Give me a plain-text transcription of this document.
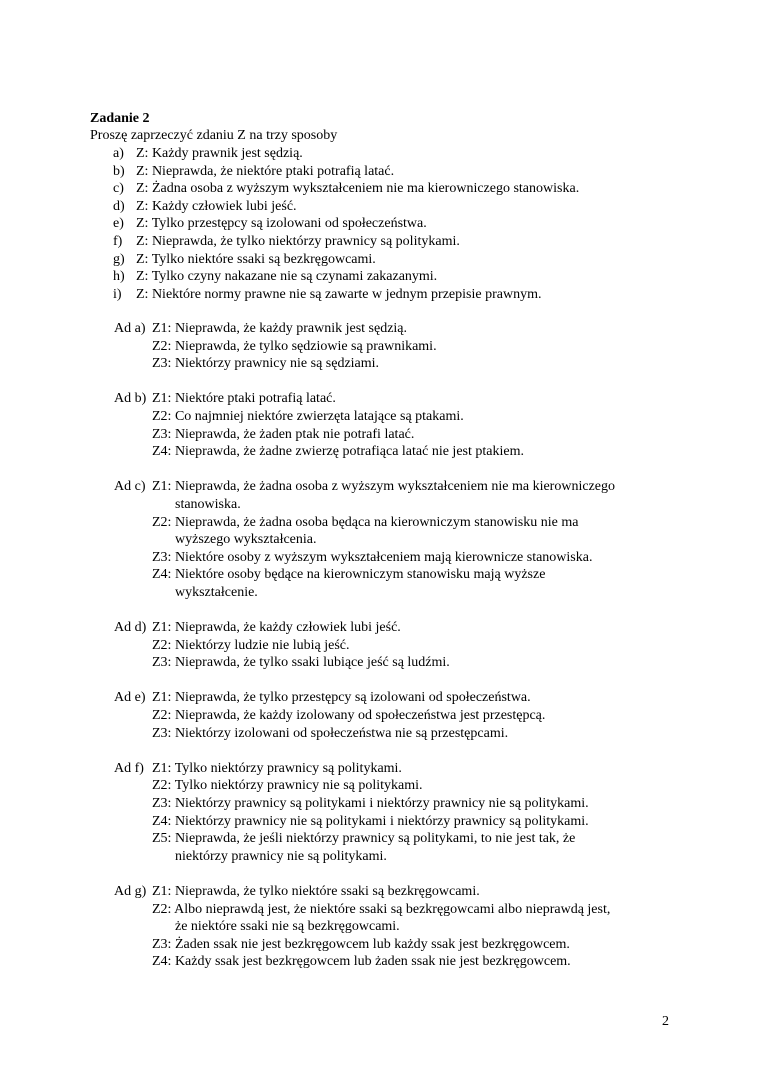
Zadanie 2
Proszę zaprzeczyć zdaniu Z na trzy sposoby
a) Z: Każdy prawnik jest sędzią.
b) Z: Nieprawda, że niektóre ptaki potrafią latać.
c) Z: Żadna osoba z wyższym wykształceniem nie ma kierowniczego stanowiska.
d) Z: Każdy człowiek lubi jeść.
e) Z: Tylko przestępcy są izolowani od społeczeństwa.
f) Z: Nieprawda, że tylko niektórzy prawnicy są politykami.
g) Z: Tylko niektóre ssaki są bezkręgowcami.
h) Z: Tylko czyny nakazane nie są czynami zakazanymi.
i) Z: Niektóre normy prawne nie są zawarte w jednym przepisie prawnym.
Ad a) Z1: Nieprawda, że każdy prawnik jest sędzią.
Z2: Nieprawda, że tylko sędziowie są prawnikami.
Z3: Niektórzy prawnicy nie są sędziami.
Ad b) Z1: Niektóre ptaki potrafią latać.
Z2: Co najmniej niektóre zwierzęta latające są ptakami.
Z3: Nieprawda, że żaden ptak nie potrafi latać.
Z4: Nieprawda, że żadne zwierzę potrafiąca latać nie jest ptakiem.
Ad c) Z1: Nieprawda, że żadna osoba z wyższym wykształceniem nie ma kierowniczego
stanowiska.
Z2: Nieprawda, że żadna osoba będąca na kierowniczym stanowisku nie ma
wyższego wykształcenia.
Z3: Niektóre osoby z wyższym wykształceniem mają kierownicze stanowiska.
Z4: Niektóre osoby będące na kierowniczym stanowisku mają wyższe
wykształcenie.
Ad d) Z1: Nieprawda, że każdy człowiek lubi jeść.
Z2: Niektórzy ludzie nie lubią jeść.
Z3: Nieprawda, że tylko ssaki lubiące jeść są ludźmi.
Ad e) Z1: Nieprawda, że tylko przestępcy są izolowani od społeczeństwa.
Z2: Nieprawda, że każdy izolowany od społeczeństwa jest przestępcą.
Z3: Niektórzy izolowani od społeczeństwa nie są przestępcami.
Ad f) Z1: Tylko niektórzy prawnicy są politykami.
Z2: Tylko niektórzy prawnicy nie są politykami.
Z3: Niektórzy prawnicy są politykami i niektórzy prawnicy nie są politykami.
Z4: Niektórzy prawnicy nie są politykami i niektórzy prawnicy są politykami.
Z5: Nieprawda, że jeśli niektórzy prawnicy są politykami, to nie jest tak, że
niektórzy prawnicy nie są politykami.
Ad g) Z1: Nieprawda, że tylko niektóre ssaki są bezkręgowcami.
Z2: Albo nieprawdą jest, że niektóre ssaki są bezkręgowcami albo nieprawdą jest,
że niektóre ssaki nie są bezkręgowcami.
Z3: Żaden ssak nie jest bezkręgowcem lub każdy ssak jest bezkręgowcem.
Z4: Każdy ssak jest bezkręgowcem lub żaden ssak nie jest bezkręgowcem.
2
